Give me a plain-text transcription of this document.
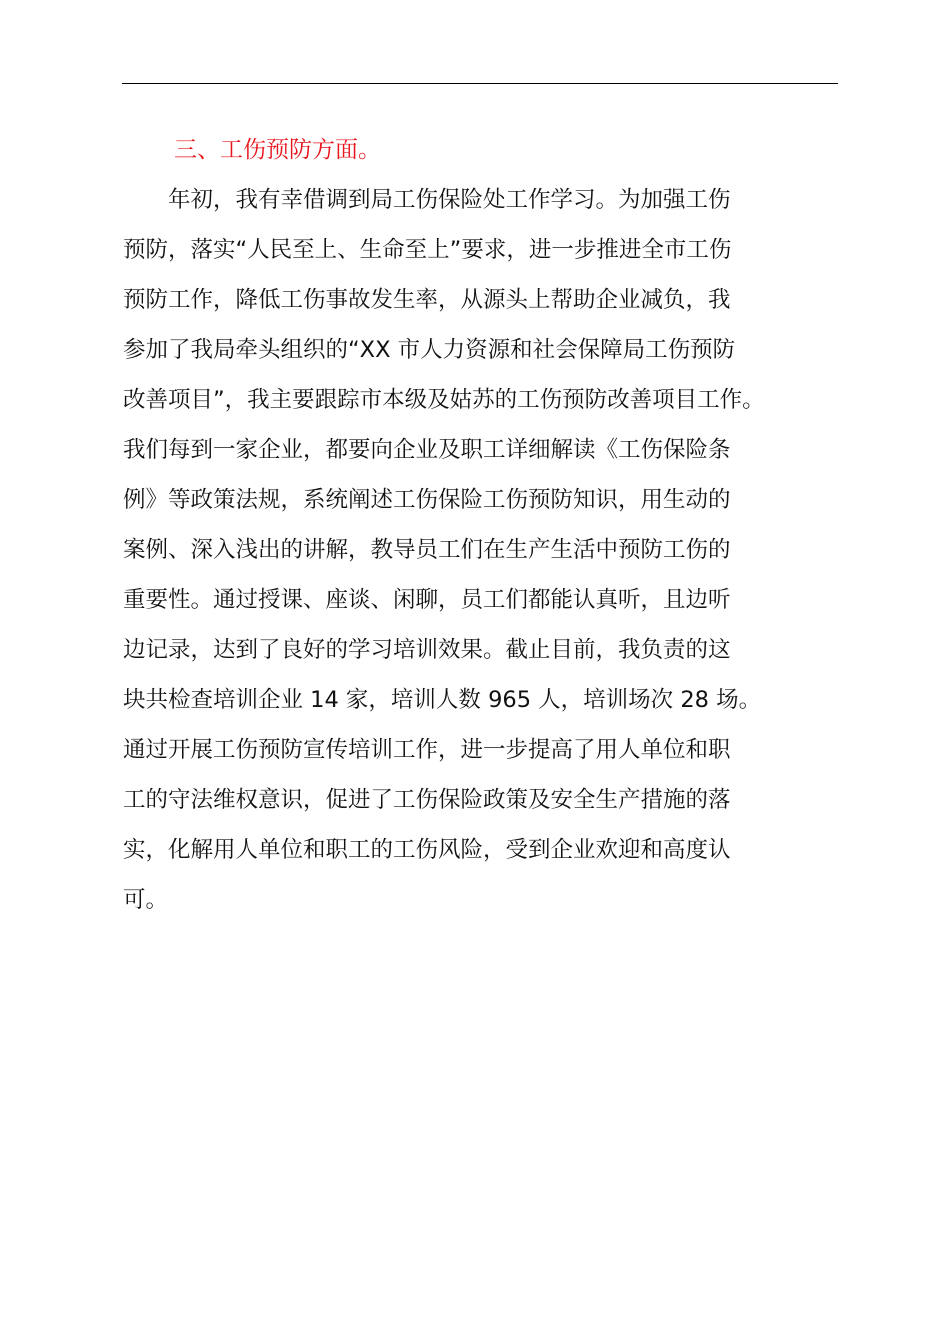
三、工伤预防方面。
　　年初，我有幸借调到局工伤保险处工作学习。为加强工伤
预防，落实“人民至上、生命至上”要求，进一步推进全市工伤
预防工作，降低工伤事故发生率，从源头上帮助企业减负，我
参加了我局牵头组织的“XX 市人力资源和社会保障局工伤预防
改善项目”，我主要跟踪市本级及姑苏的工伤预防改善项目工作。
我们每到一家企业，都要向企业及职工详细解读《工伤保险条
例》等政策法规，系统阐述工伤保险工伤预防知识，用生动的
案例、深入浅出的讲解，教导员工们在生产生活中预防工伤的
重要性。通过授课、座谈、闲聊，员工们都能认真听，且边听
边记录，达到了良好的学习培训效果。截止目前，我负责的这
块共检查培训企业 14 家，培训人数 965 人，培训场次 28 场。
通过开展工伤预防宣传培训工作，进一步提高了用人单位和职
工的守法维权意识，促进了工伤保险政策及安全生产措施的落
实，化解用人单位和职工的工伤风险，受到企业欢迎和高度认
可。
